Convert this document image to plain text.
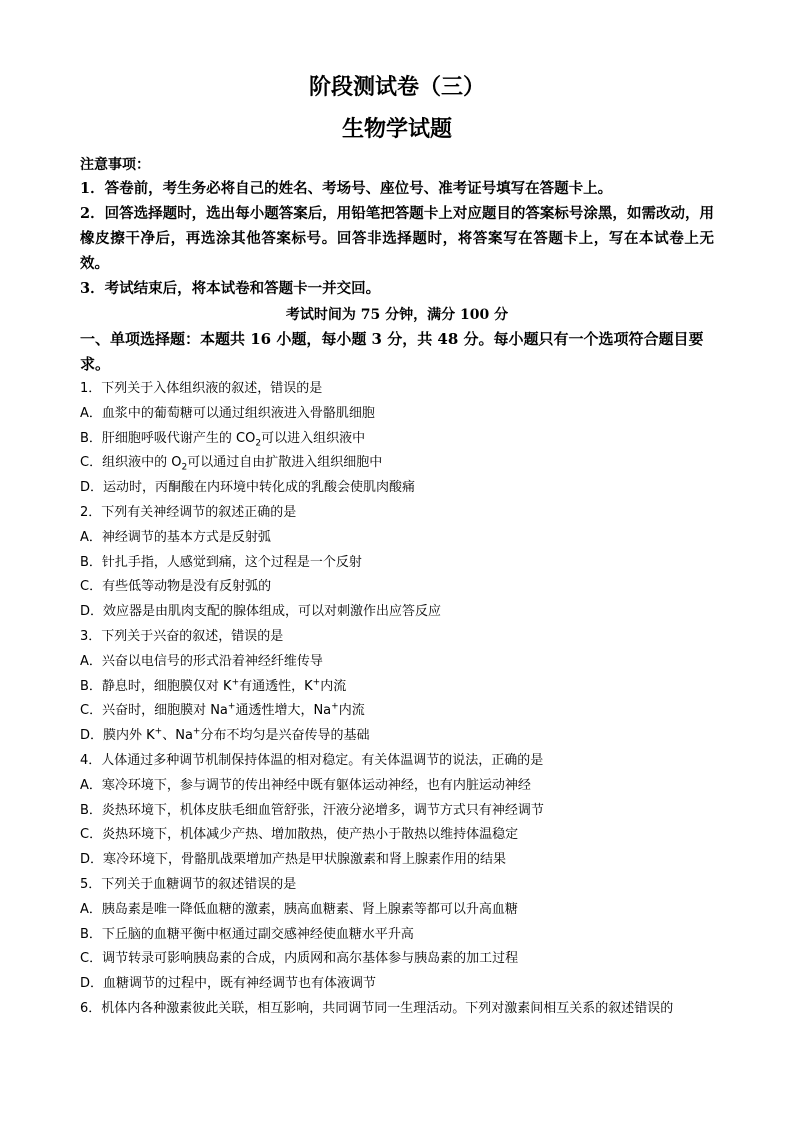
阶段测试卷（三）
生物学试题
注意事项：

1．答卷前，考生务必将自己的姓名、考场号、座位号、准考证号填写在答题卡上。

2．回答选择题时，选出每小题答案后，用铅笔把答题卡上对应题目的答案标号涂黑，如需改动，用橡皮擦干净后，再选涂其他答案标号。回答非选择题时，将答案写在答题卡上，写在本试卷上无效。

3．考试结束后，将本试卷和答题卡一并交回。

考试时间为 75 分钟，满分 100 分

一、单项选择题：本题共 16 小题，每小题 3 分，共 48 分。每小题只有一个选项符合题目要求。

1．下列关于入体组织液的叙述，错误的是

A．血浆中的葡萄糖可以通过组织液进入骨骼肌细胞

B．肝细胞呼吸代谢产生的 $CO_2$可以进入组织液中

C．组织液中的 $O_2$可以通过自由扩散进入组织细胞中

D．运动时，丙酮酸在内环境中转化成的乳酸会使肌肉酸痛

2．下列有关神经调节的叙述正确的是

A．神经调节的基本方式是反射弧

B．针扎手指，人感觉到痛，这个过程是一个反射

C．有些低等动物是没有反射弧的

D．效应器是由肌肉支配的腺体组成，可以对刺激作出应答反应

3．下列关于兴奋的叙述，错误的是

A．兴奋以电信号的形式沿着神经纤维传导

B．静息时，细胞膜仅对 K+有通透性，K+内流

C．兴奋时，细胞膜对 Na+通透性增大，Na+内流

D．膜内外 K+、Na+分布不均匀是兴奋传导的基础

4．人体通过多种调节机制保持体温的相对稳定。有关体温调节的说法，正确的是

A．寒冷环境下，参与调节的传出神经中既有躯体运动神经，也有内脏运动神经

B．炎热环境下，机体皮肤毛细血管舒张，汗液分泌增多，调节方式只有神经调节

C．炎热环境下，机体减少产热、增加散热，使产热小于散热以维持体温稳定

D．寒冷环境下，骨骼肌战栗增加产热是甲状腺激素和肾上腺素作用的结果

5．下列关于血糖调节的叙述错误的是

A．胰岛素是唯一降低血糖的激素，胰高血糖素、肾上腺素等都可以升高血糖

B．下丘脑的血糖平衡中枢通过副交感神经使血糖水平升高

C．调节转录可影响胰岛素的合成，内质网和高尔基体参与胰岛素的加工过程

D．血糖调节的过程中，既有神经调节也有体液调节

6．机体内各种激素彼此关联，相互影响，共同调节同一生理活动。下列对激素间相互关系的叙述错误的
